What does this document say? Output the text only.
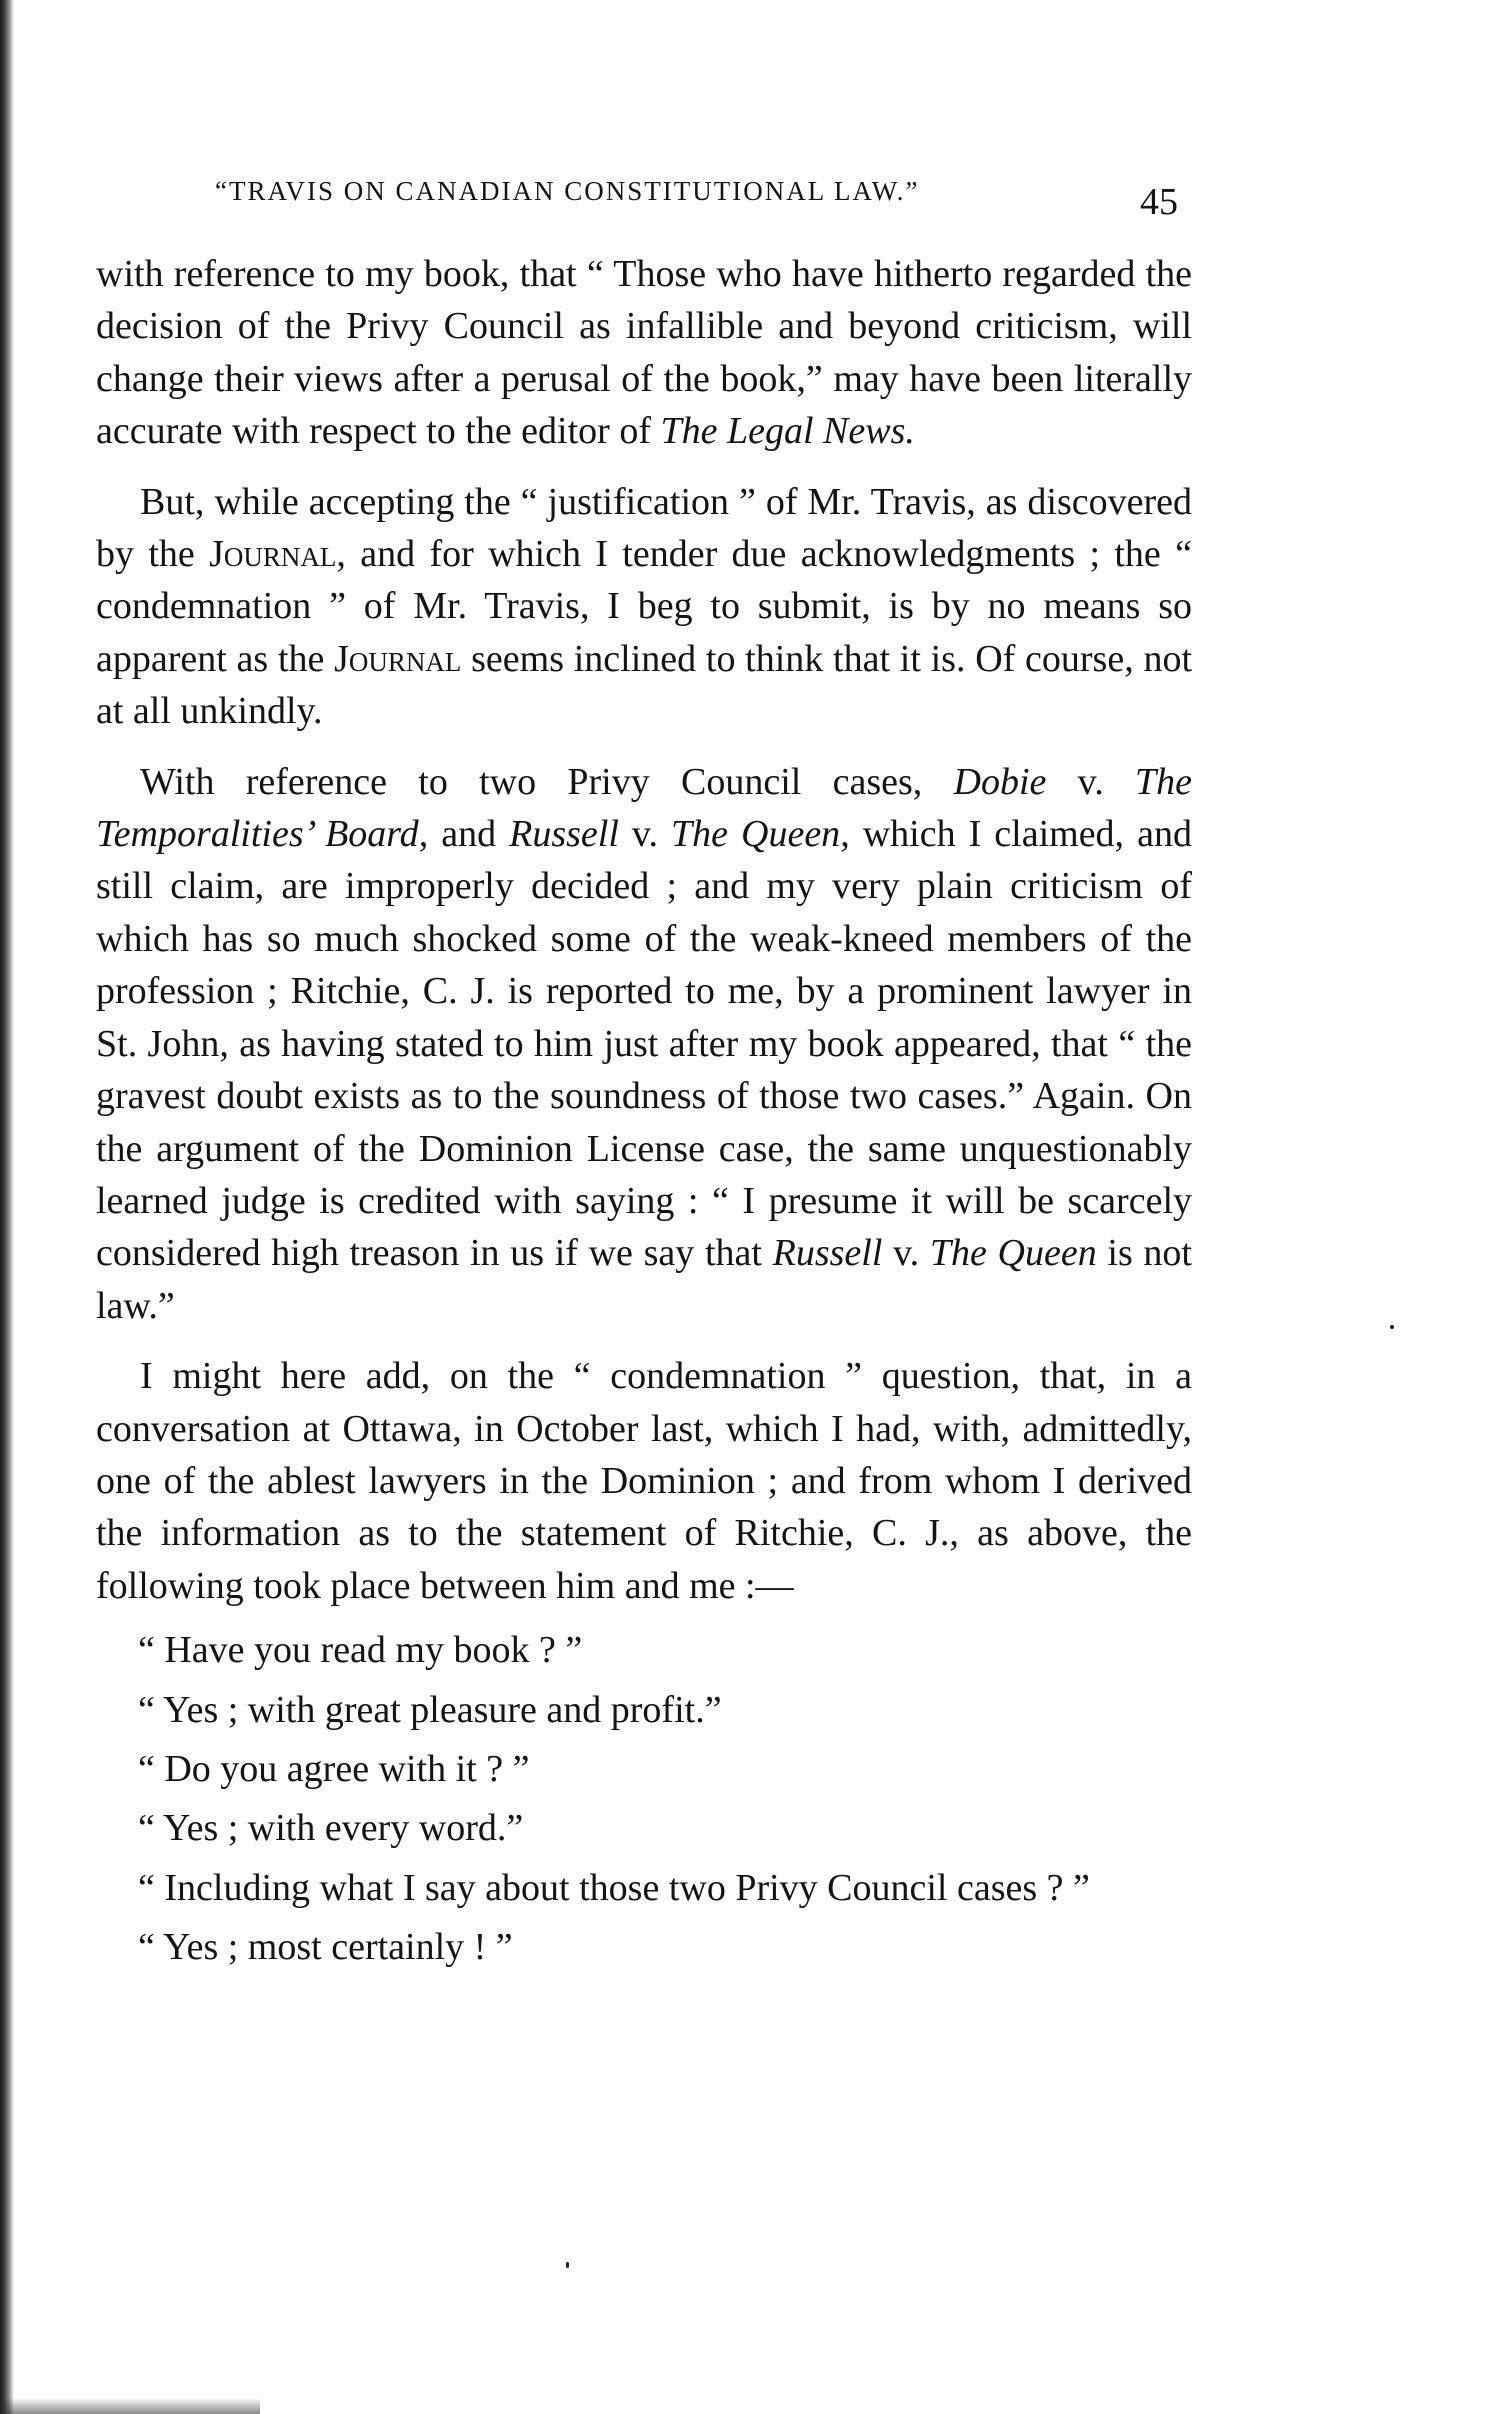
“TRAVIS ON CANADIAN CONSTITUTIONAL LAW.”	45

with reference to my book, that “ Those who have hitherto regarded the decision of the Privy Council as infallible and beyond criticism, will change their views after a perusal of the book,” may have been literally accurate with respect to the editor of The Legal News.

But, while accepting the “ justification ” of Mr. Travis, as discovered by the Journal, and for which I tender due acknowledgments ; the “ condemnation ” of Mr. Travis, I beg to submit, is by no means so apparent as the Journal seems inclined to think that it is. Of course, not at all unkindly.

With reference to two Privy Council cases, Dobie v. The Temporalities’ Board, and Russell v. The Queen, which I claimed, and still claim, are improperly decided ; and my very plain criticism of which has so much shocked some of the weak-kneed members of the profession ; Ritchie, C. J. is reported to me, by a prominent lawyer in St. John, as having stated to him just after my book appeared, that “ the gravest doubt exists as to the soundness of those two cases.” Again. On the argument of the Dominion License case, the same unquestionably learned judge is credited with saying : “ I presume it will be scarcely considered high treason in us if we say that Russell v. The Queen is not law.”

I might here add, on the “ condemnation ” question, that, in a conversation at Ottawa, in October last, which I had, with, admittedly, one of the ablest lawyers in the Dominion ; and from whom I derived the information as to the statement of Ritchie, C. J., as above, the following took place between him and me :—

“ Have you read my book ? ”

“ Yes ; with great pleasure and profit.”

“ Do you agree with it ? ”

“ Yes ; with every word.”

“ Including what I say about those two Privy Council cases ? ”

“ Yes ; most certainly ! ”
